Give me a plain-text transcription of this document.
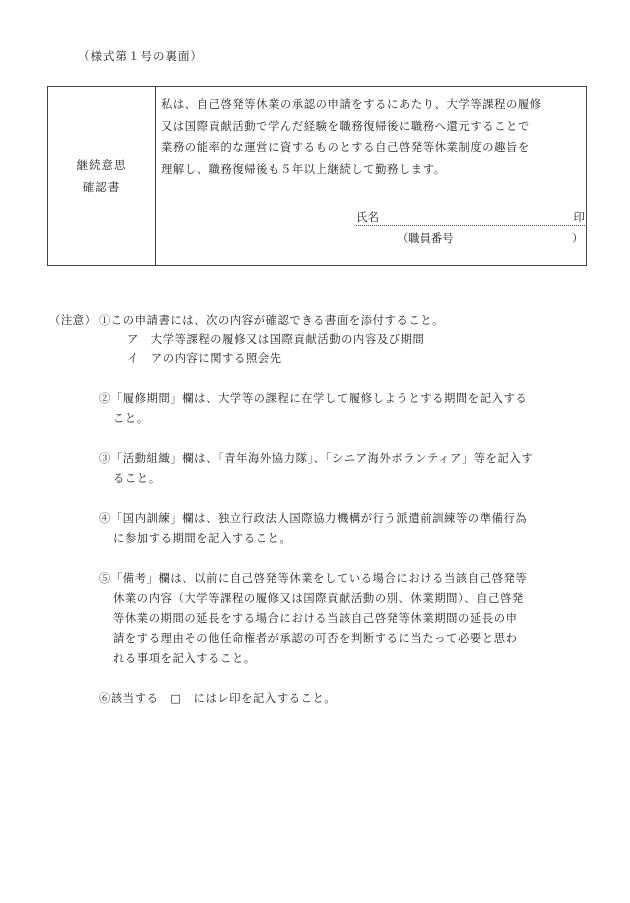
（様式第１号の裏面）
継続意思
確認書
私は、自己啓発等休業の承認の申請をするにあたり、大学等課程の履修
又は国際貢献活動で学んだ経験を職務復帰後に職務へ還元することで
業務の能率的な運営に資するものとする自己啓発等休業制度の趣旨を
理解し、職務復帰後も５年以上継続して勤務します。
氏名	印
（職員番号	）
（注意） ①この申請書には、次の内容が確認できる書面を添付すること。
ア　大学等課程の履修又は国際貢献活動の内容及び期間
イ　アの内容に関する照会先
②「履修期間」欄は、大学等の課程に在学して履修しようとする期間を記入する
こと。
③「活動組織」欄は、「青年海外協力隊」、「シニア海外ボランティア」等を記入す
ること。
④「国内訓練」欄は、独立行政法人国際協力機構が行う派遣前訓練等の準備行為
に参加する期間を記入すること。
⑤「備考」欄は、以前に自己啓発等休業をしている場合における当該自己啓発等
休業の内容（大学等課程の履修又は国際貢献活動の別、休業期間）、自己啓発
等休業の期間の延長をする場合における当該自己啓発等休業期間の延長の申
請をする理由その他任命権者が承認の可否を判断するに当たって必要と思わ
れる事項を記入すること。
⑥該当する　□　にはレ印を記入すること。
